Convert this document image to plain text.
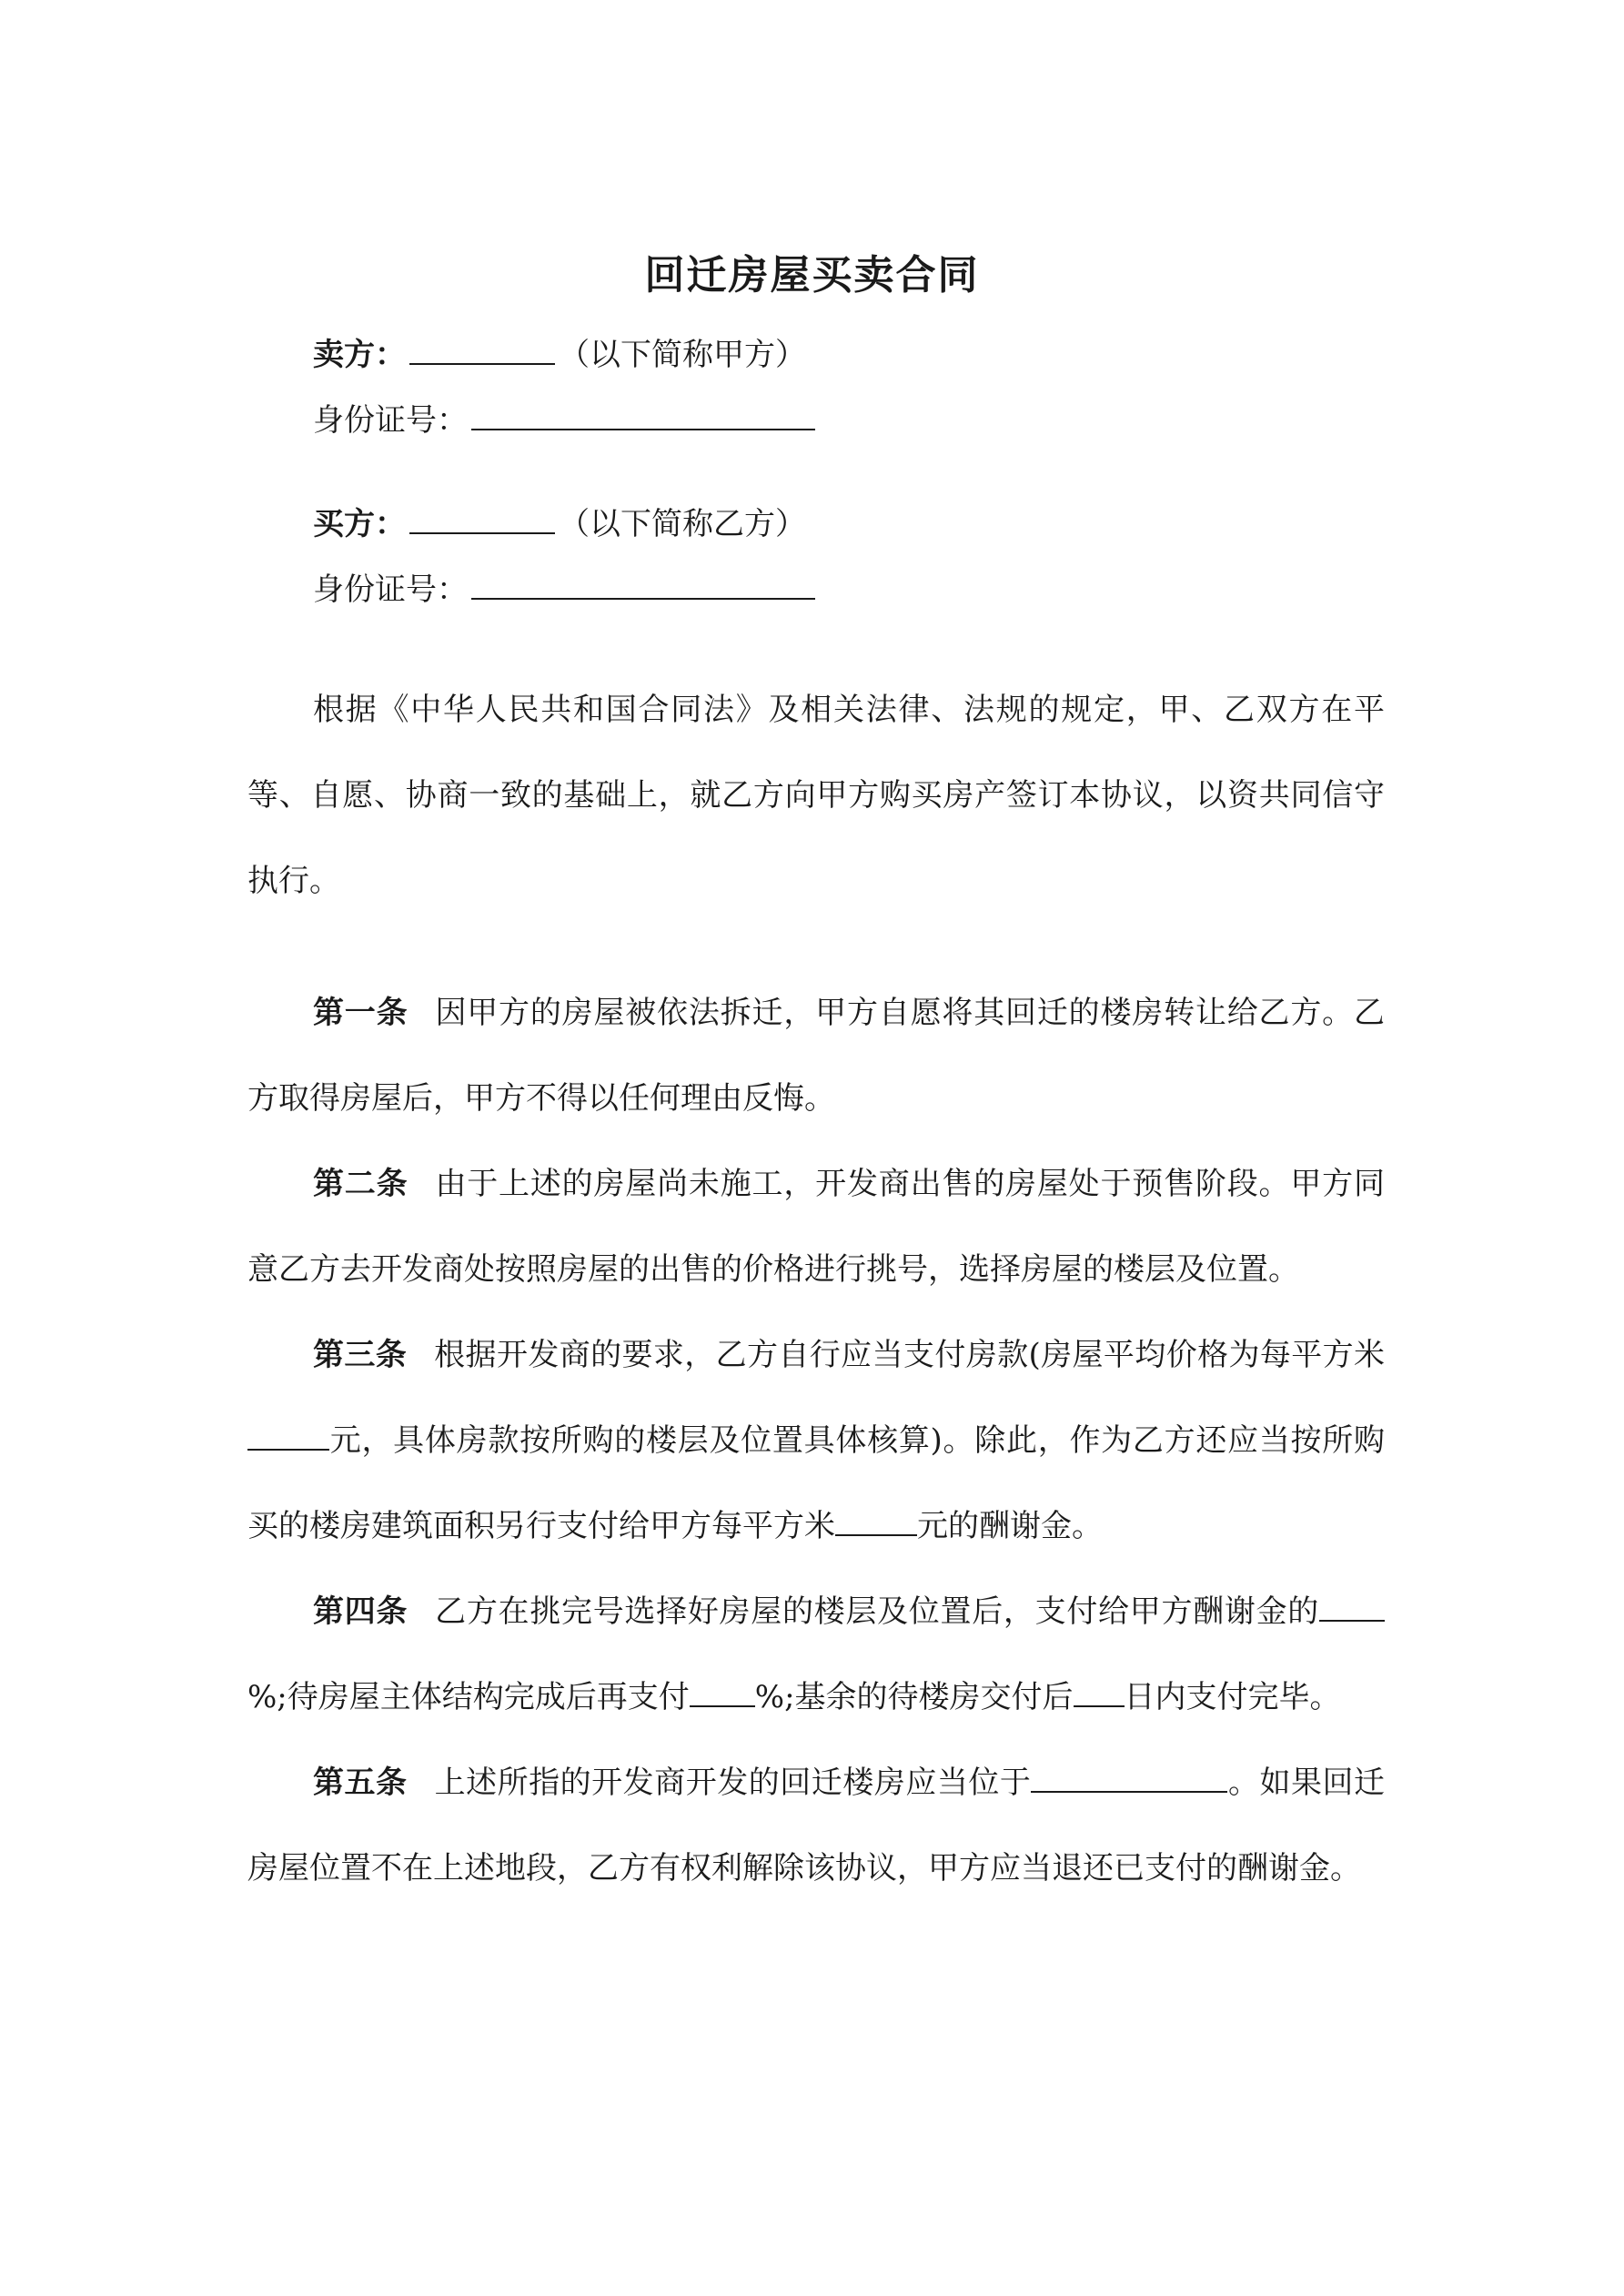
回迁房屋买卖合同
卖方：	（以下简称甲方）
身份证号：
买方：	（以下简称乙方）
身份证号：

根据《中华人民共和国合同法》及相关法律、法规的规定，甲、乙双方在平等、自愿、协商一致的基础上，就乙方向甲方购买房产签订本协议，以资共同信守执行。

第一条 因甲方的房屋被依法拆迁，甲方自愿将其回迁的楼房转让给乙方。乙方取得房屋后，甲方不得以任何理由反悔。

第二条 由于上述的房屋尚未施工，开发商出售的房屋处于预售阶段。甲方同意乙方去开发商处按照房屋的出售的价格进行挑号，选择房屋的楼层及位置。

第三条 根据开发商的要求，乙方自行应当支付房款(房屋平均价格为每平方米元，具体房款按所购的楼层及位置具体核算)。除此，作为乙方还应当按所购买的楼房建筑面积另行支付给甲方每平方米	元的酬谢金。

第四条 乙方在挑完号选择好房屋的楼层及位置后，支付给甲方酬谢金的%;待房屋主体结构完成后再支付 %;基余的待楼房交付后 日内支付完毕。

第五条 上述所指的开发商开发的回迁楼房应当位于	。如果回迁房屋位置不在上述地段，乙方有权利解除该协议，甲方应当退还已支付的酬谢金。
